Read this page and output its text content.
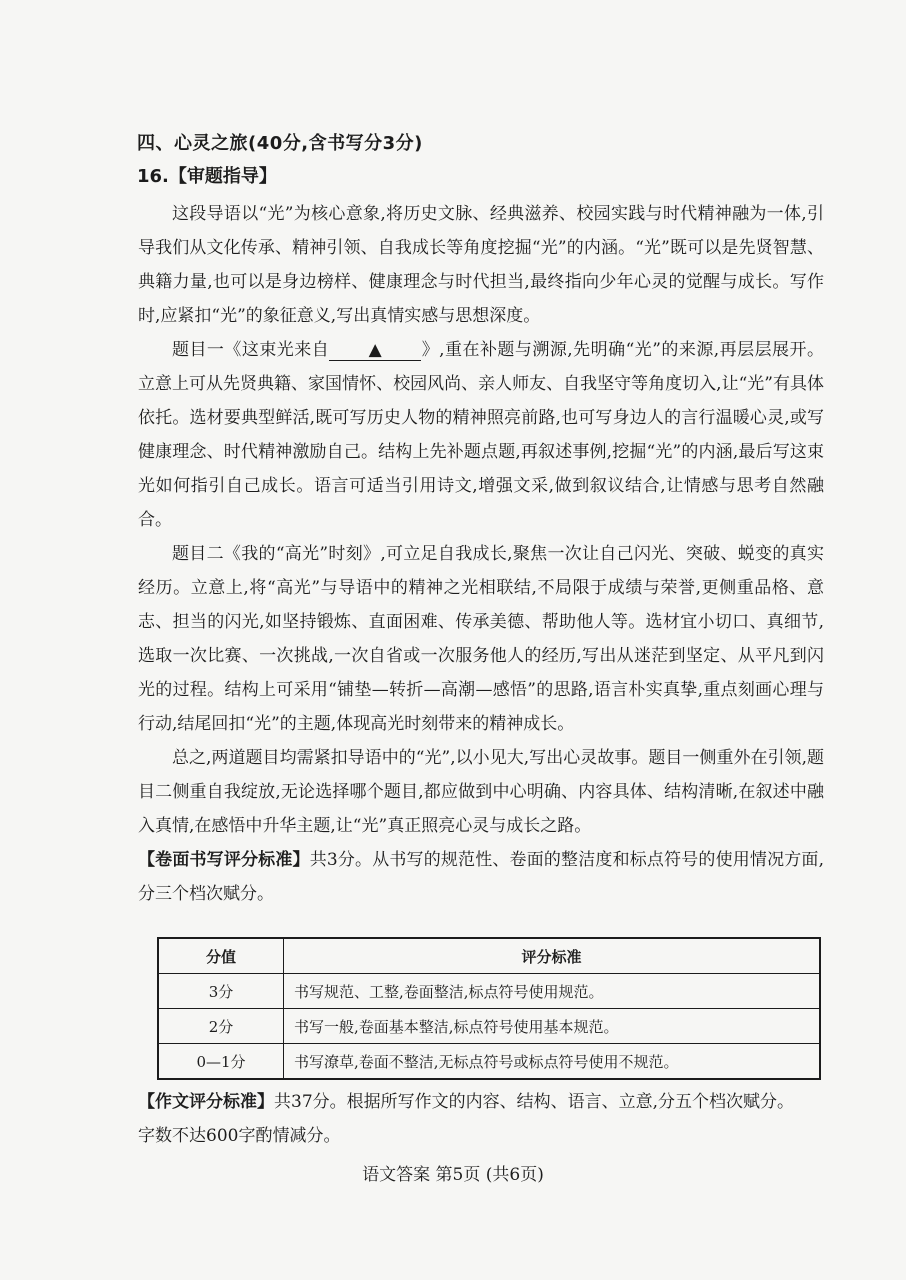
四、心灵之旅(40分,含书写分3分)
16.【审题指导】

这段导语以“光”为核心意象,将历史文脉、经典滋养、校园实践与时代精神融为一体,引导我们从文化传承、精神引领、自我成长等角度挖掘“光”的内涵。“光”既可以是先贤智慧、典籍力量,也可以是身边榜样、健康理念与时代担当,最终指向少年心灵的觉醒与成长。写作时,应紧扣“光”的象征意义,写出真情实感与思想深度。

题目一《这束光来自 ▲ 》,重在补题与溯源,先明确“光”的来源,再层层展开。立意上可从先贤典籍、家国情怀、校园风尚、亲人师友、自我坚守等角度切入,让“光”有具体依托。选材要典型鲜活,既可写历史人物的精神照亮前路,也可写身边人的言行温暖心灵,或写健康理念、时代精神激励自己。结构上先补题点题,再叙述事例,挖掘“光”的内涵,最后写这束光如何指引自己成长。语言可适当引用诗文,增强文采,做到叙议结合,让情感与思考自然融合。

题目二《我的“高光”时刻》,可立足自我成长,聚焦一次让自己闪光、突破、蜕变的真实经历。立意上,将“高光”与导语中的精神之光相联结,不局限于成绩与荣誉,更侧重品格、意志、担当的闪光,如坚持锻炼、直面困难、传承美德、帮助他人等。选材宜小切口、真细节,选取一次比赛、一次挑战,一次自省或一次服务他人的经历,写出从迷茫到坚定、从平凡到闪光的过程。结构上可采用“铺垫—转折—高潮—感悟”的思路,语言朴实真挚,重点刻画心理与行动,结尾回扣“光”的主题,体现高光时刻带来的精神成长。

总之,两道题目均需紧扣导语中的“光”,以小见大,写出心灵故事。题目一侧重外在引领,题目二侧重自我绽放,无论选择哪个题目,都应做到中心明确、内容具体、结构清晰,在叙述中融入真情,在感悟中升华主题,让“光”真正照亮心灵与成长之路。

【卷面书写评分标准】共3分。从书写的规范性、卷面的整洁度和标点符号的使用情况方面,分三个档次赋分。

分值	评分标准
3分	书写规范、工整,卷面整洁,标点符号使用规范。
2分	书写一般,卷面基本整洁,标点符号使用基本规范。
0—1分	书写潦草,卷面不整洁,无标点符号或标点符号使用不规范。

【作文评分标准】共37分。根据所写作文的内容、结构、语言、立意,分五个档次赋分。

字数不达600字酌情减分。

语文答案 第5页 (共6页)
